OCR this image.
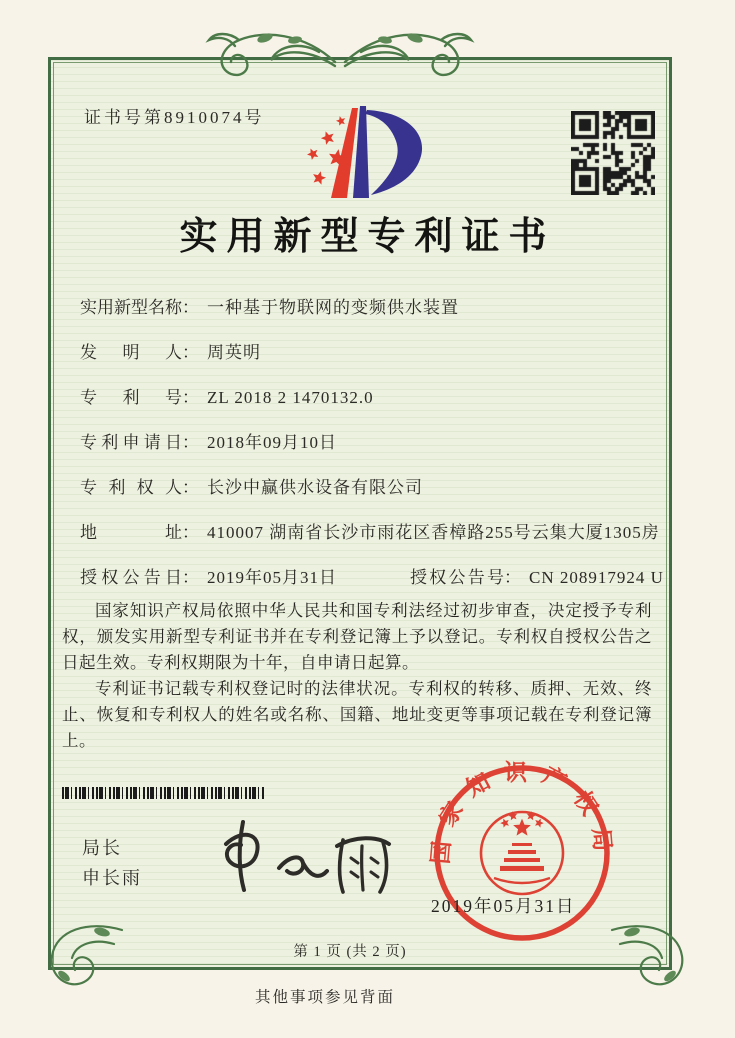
证书号第8910074号
实用新型专利证书
实用新型名称： 一种基于物联网的变频供水装置
发明人： 周英明
专利号： ZL 2018 2 1470132.0
专利申请日： 2018年09月10日
专利权人： 长沙中赢供水设备有限公司
地址： 410007 湖南省长沙市雨花区香樟路255号云集大厦1305房
授权公告日： 2019年05月31日	授权公告号： CN 208917924 U

国家知识产权局依照中华人民共和国专利法经过初步审查，决定授予专利权，颁发实用新型专利证书并在专利登记簿上予以登记。专利权自授权公告之日起生效。专利权期限为十年，自申请日起算。

专利证书记载专利权登记时的法律状况。专利权的转移、质押、无效、终止、恢复和专利权人的姓名或名称、国籍、地址变更等事项记载在专利登记簿上。

局长
申长雨
国家知识产权局
2019年05月31日
第 1 页 (共 2 页)
其他事项参见背面
